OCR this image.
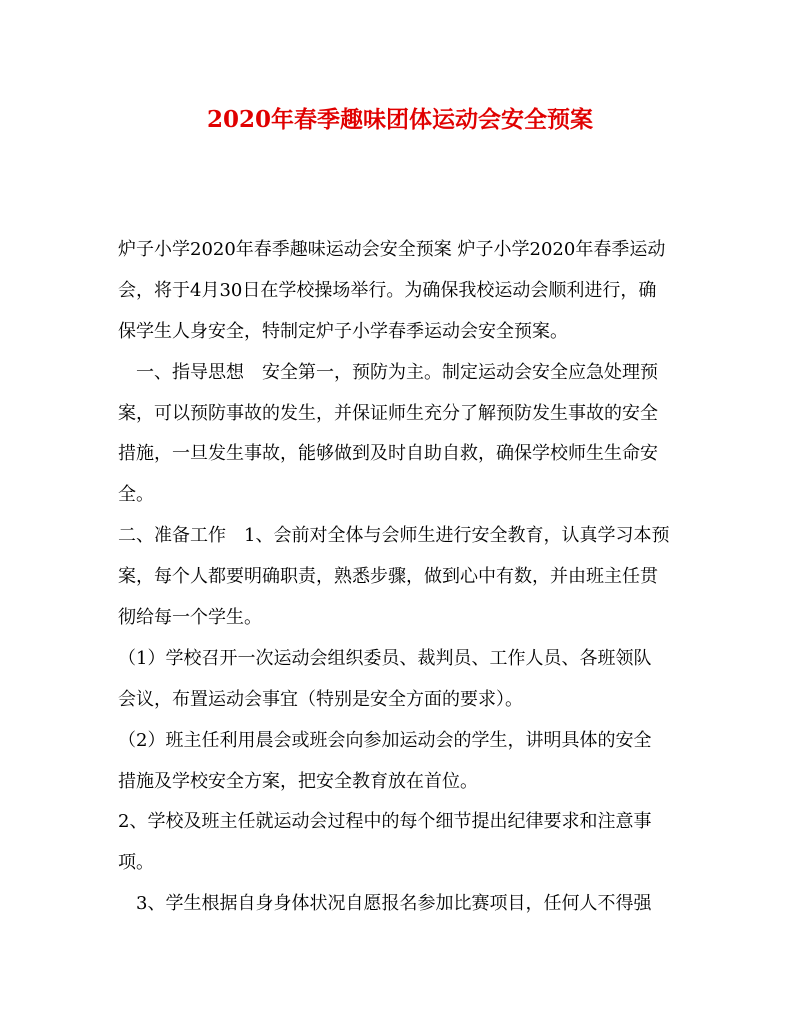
2020年春季趣味团体运动会安全预案

炉子小学2020年春季趣味运动会安全预案 炉子小学2020年春季运动
会，将于4月30日在学校操场举行。为确保我校运动会顺利进行，确
保学生人身安全，特制定炉子小学春季运动会安全预案。

　一、指导思想　安全第一，预防为主。制定运动会安全应急处理预
案，可以预防事故的发生，并保证师生充分了解预防发生事故的安全
措施，一旦发生事故，能够做到及时自助自救，确保学校师生生命安
全。

二、准备工作　1、会前对全体与会师生进行安全教育，认真学习本预
案，每个人都要明确职责，熟悉步骤，做到心中有数，并由班主任贯
彻给每一个学生。

（1）学校召开一次运动会组织委员、裁判员、工作人员、各班领队
会议，布置运动会事宜（特别是安全方面的要求）。

（2）班主任利用晨会或班会向参加运动会的学生，讲明具体的安全
措施及学校安全方案，把安全教育放在首位。

2、学校及班主任就运动会过程中的每个细节提出纪律要求和注意事
项。

　3、学生根据自身身体状况自愿报名参加比赛项目，任何人不得强
